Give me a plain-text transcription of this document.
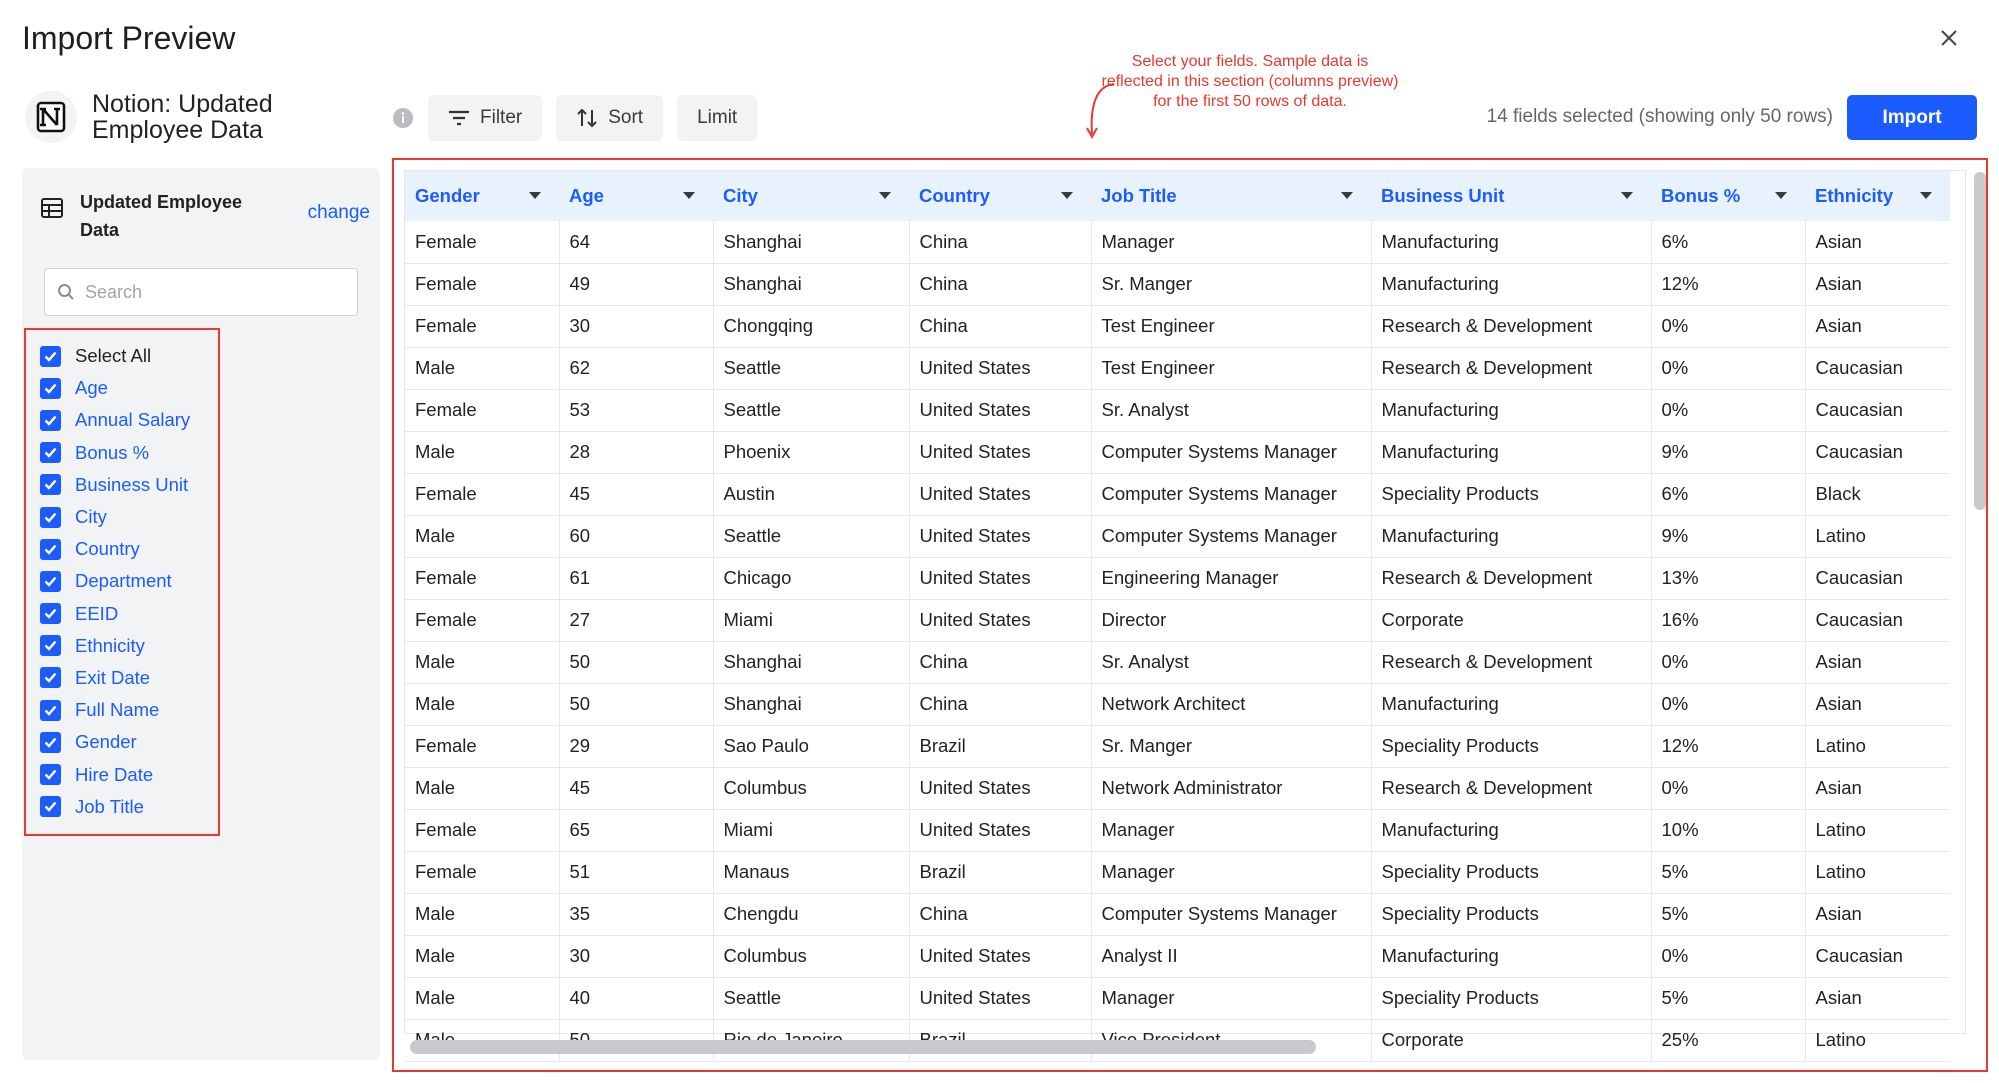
Import Preview
Notion: Updated Employee Data	Filter	Sort	Limit
Select your fields. Sample data is reflected in this section (columns preview) for the first 50 rows of data.
14 fields selected (showing only 50 rows)	Import
Updated Employee Data
change
Search
Select All
Age
Annual Salary
Bonus %
Business Unit
City
Country
Department
EEID
Ethnicity
Exit Date
Full Name
Gender
Hire Date
Job Title
Gender	Age	City	Country	Job Title	Business Unit	Bonus %	Ethnicity

Female	64	Shanghai	China	Manager	Manufacturing	6%	Asian
Female	49	Shanghai	China	Sr. Manger	Manufacturing	12%	Asian
Female	30	Chongqing	China	Test Engineer	Research & Development	0%	Asian
Male	62	Seattle	United States	Test Engineer	Research & Development	0%	Caucasian
Female	53	Seattle	United States	Sr. Analyst	Manufacturing	0%	Caucasian
Male	28	Phoenix	United States	Computer Systems Manager	Manufacturing	9%	Caucasian
Female	45	Austin	United States	Computer Systems Manager	Speciality Products	6%	Black
Male	60	Seattle	United States	Computer Systems Manager	Manufacturing	9%	Latino
Female	61	Chicago	United States	Engineering Manager	Research & Development	13%	Caucasian
Female	27	Miami	United States	Director	Corporate	16%	Caucasian
Male	50	Shanghai	China	Sr. Analyst	Research & Development	0%	Asian
Male	50	Shanghai	China	Network Architect	Manufacturing	0%	Asian
Female	29	Sao Paulo	Brazil	Sr. Manger	Speciality Products	12%	Latino
Male	45	Columbus	United States	Network Administrator	Research & Development	0%	Asian
Female	65	Miami	United States	Manager	Manufacturing	10%	Latino
Female	51	Manaus	Brazil	Manager	Speciality Products	5%	Latino
Male	35	Chengdu	China	Computer Systems Manager	Speciality Products	5%	Asian
Male	30	Columbus	United States	Analyst II	Manufacturing	0%	Caucasian
Male	40	Seattle	United States	Manager	Speciality Products	5%	Asian
					Corporate	25%	Latino
